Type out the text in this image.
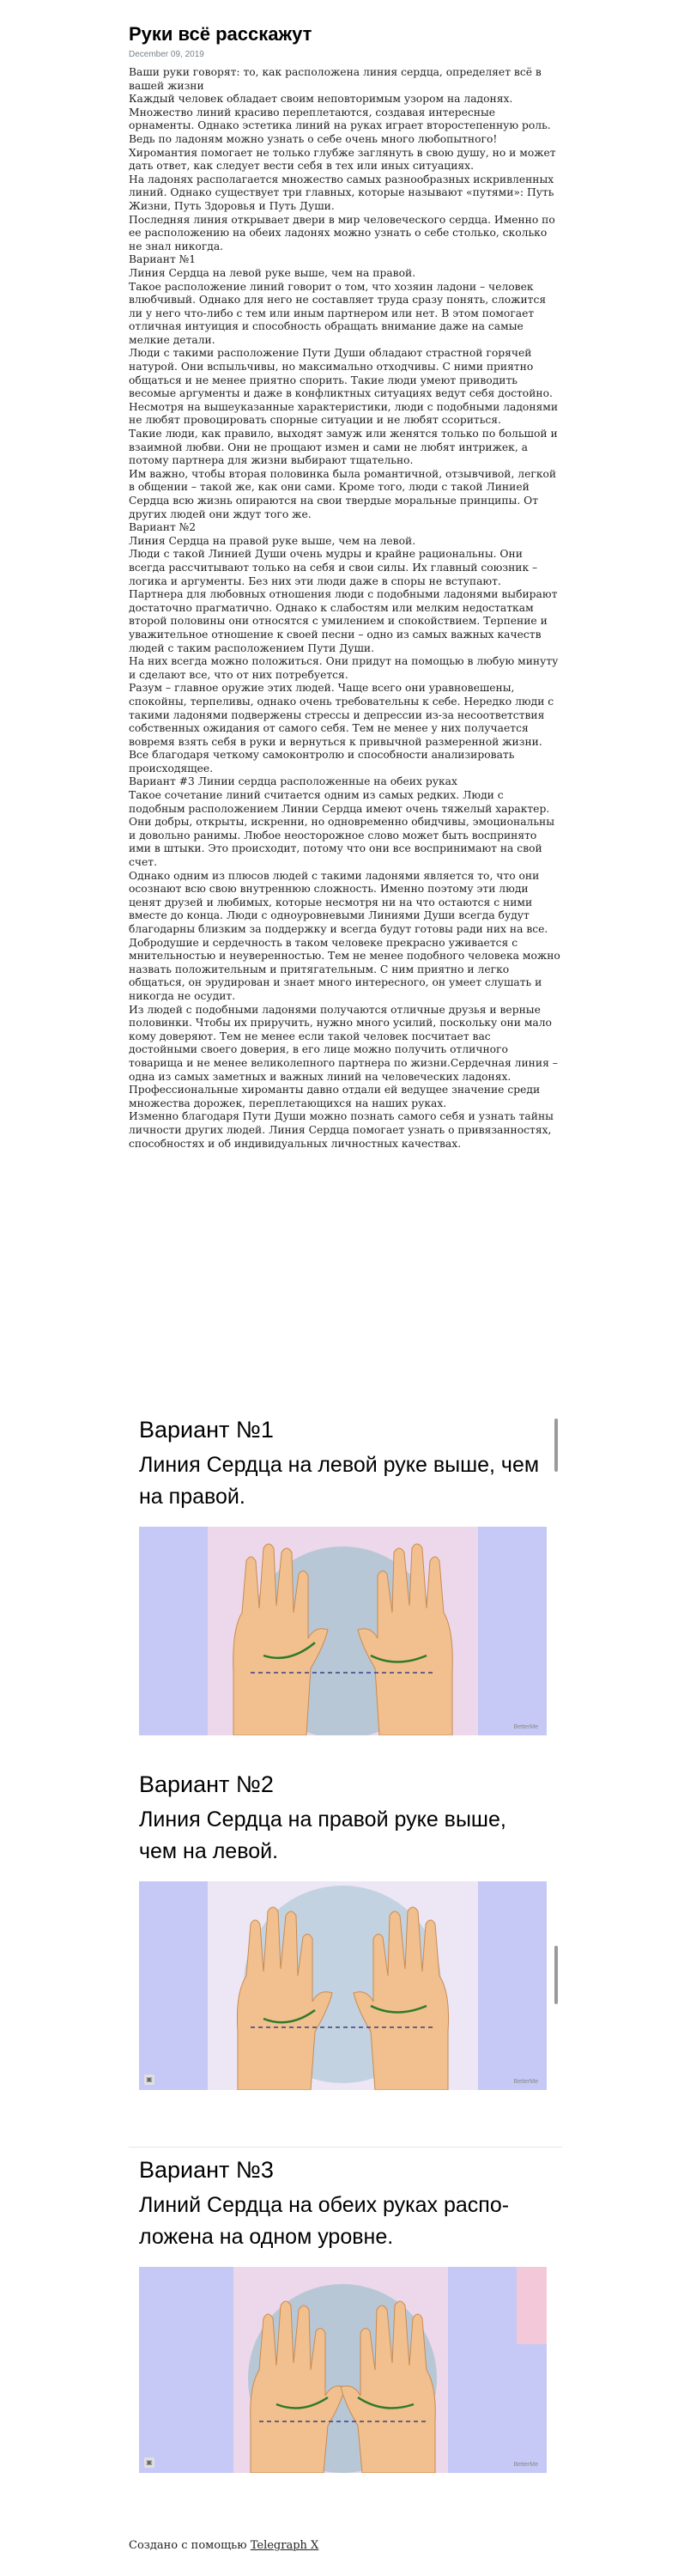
Руки всё расскажут
December 09, 2019

Ваши руки говорят: то, как расположена линия сердца, определяет всё в вашей жизни

Каждый человек обладает своим неповторимым узором на ладонях. Множество линий красиво переплетаются, создавая интересные орнаменты. Однако эстетика линий на руках играет второстепенную роль. Ведь по ладоням можно узнать о себе очень много любопытного!

Хиромантия помогает не только глубже заглянуть в свою душу, но и может дать ответ, как следует вести себя в тех или иных ситуациях.

На ладонях располагается множество самых разнообразных искривленных линий. Однако существует три главных, которые называют «путями»: Путь Жизни, Путь Здоровья и Путь Души.

Последняя линия открывает двери в мир человеческого сердца. Именно по ее расположению на обеих ладонях можно узнать о себе столько, сколько не знал никогда.

Вариант №1

Линия Сердца на левой руке выше, чем на правой.

Такое расположение линий говорит о том, что хозяин ладони – человек влюбчивый. Однако для него не составляет труда сразу понять, сложится ли у него что-либо с тем или иным партнером или нет. В этом помогает отличная интуиция и способность обращать внимание даже на самые мелкие детали.

Люди с такими расположение Пути Души обладают страстной горячей натурой. Они вспыльчивы, но максимально отходчивы. С ними приятно общаться и не менее приятно спорить. Такие люди умеют приводить весомые аргументы и даже в конфликтных ситуациях ведут себя достойно. Несмотря на вышеуказанные характеристики, люди с подобными ладонями не любят провоцировать спорные ситуации и не любят ссориться.

Такие люди, как правило, выходят замуж или женятся только по большой и взаимной любви. Они не прощают измен и сами не любят интрижек, а потому партнера для жизни выбирают тщательно.

Им важно, чтобы вторая половинка была романтичной, отзывчивой, легкой в общении – такой же, как они сами. Кроме того, люди с такой Линией Сердца всю жизнь опираются на свои твердые моральные принципы. От других людей они ждут того же.

Вариант №2

Линия Сердца на правой руке выше, чем на левой.

Люди с такой Линией Души очень мудры и крайне рациональны. Они всегда рассчитывают только на себя и свои силы. Их главный союзник – логика и аргументы. Без них эти люди даже в споры не вступают.

Партнера для любовных отношения люди с подобными ладонями выбирают достаточно прагматично. Однако к слабостям или мелким недостаткам второй половины они относятся с умилением и спокойствием. Терпение и уважительное отношение к своей песни – одно из самых важных качеств людей с таким расположением Пути Души.

На них всегда можно положиться. Они придут на помощью в любую минуту и сделают все, что от них потребуется.

Разум – главное оружие этих людей. Чаще всего они уравновешены, спокойны, терпеливы, однако очень требовательны к себе. Нередко люди с такими ладонями подвержены стрессы и депрессии из-за несоответствия собственных ожидания от самого себя. Тем не менее у них получается вовремя взять себя в руки и вернуться к привычной размеренной жизни. Все благодаря четкому самоконтролю и способности анализировать происходящее.

Вариант #3 Линии сердца расположенные на обеих руках

Такое сочетание линий считается одним из самых редких. Люди с подобным расположением Линии Сердца имеют очень тяжелый характер. Они добры, открыты, искренни, но одновременно обидчивы, эмоциональны и довольно ранимы. Любое неосторожное слово может быть воспринято ими в штыки. Это происходит, потому что они все воспринимают на свой счет.

Однако одним из плюсов людей с такими ладонями является то, что они осознают всю свою внутреннюю сложность. Именно поэтому эти люди ценят друзей и любимых, которые несмотря ни на что остаются с ними вместе до конца. Люди с одноуровневыми Линиями Души всегда будут благодарны близким за поддержку и всегда будут готовы ради них на все.

Добродушие и сердечность в таком человеке прекрасно уживается с мнительностью и неуверенностью. Тем не менее подобного человека можно назвать положительным и притягательным. С ним приятно и легко общаться, он эрудирован и знает много интересного, он умеет слушать и никогда не осудит.

Из людей с подобными ладонями получаются отличные друзья и верные половинки. Чтобы их приручить, нужно много усилий, поскольку они мало кому доверяют. Тем не менее если такой человек посчитает вас достойными своего доверия, в его лице можно получить отличного товарища и не менее великолепного партнера по жизни.Сердечная линия – одна из самых заметных и важных линий на человеческих ладонях. Профессиональные хироманты давно отдали ей ведущее значение среди множества дорожек, переплетающихся на наших руках.

Изменно благодаря Пути Души можно познать самого себя и узнать тайны личности других людей. Линия Сердца помогает узнать о привязанностях, способностях и об индивидуальных личностных качествах.

Вариант №1
Линия Сердца на левой руке выше, чем на правой.
BetterMe
Вариант №2
Линия Сердца на правой руке выше, чем на левой.
▣	BetterMe
Вариант №3
Линий Сердца на обеих руках распо-ложена на одном уровне.
▣	BetterMe
Создано с помощью Telegraph X
